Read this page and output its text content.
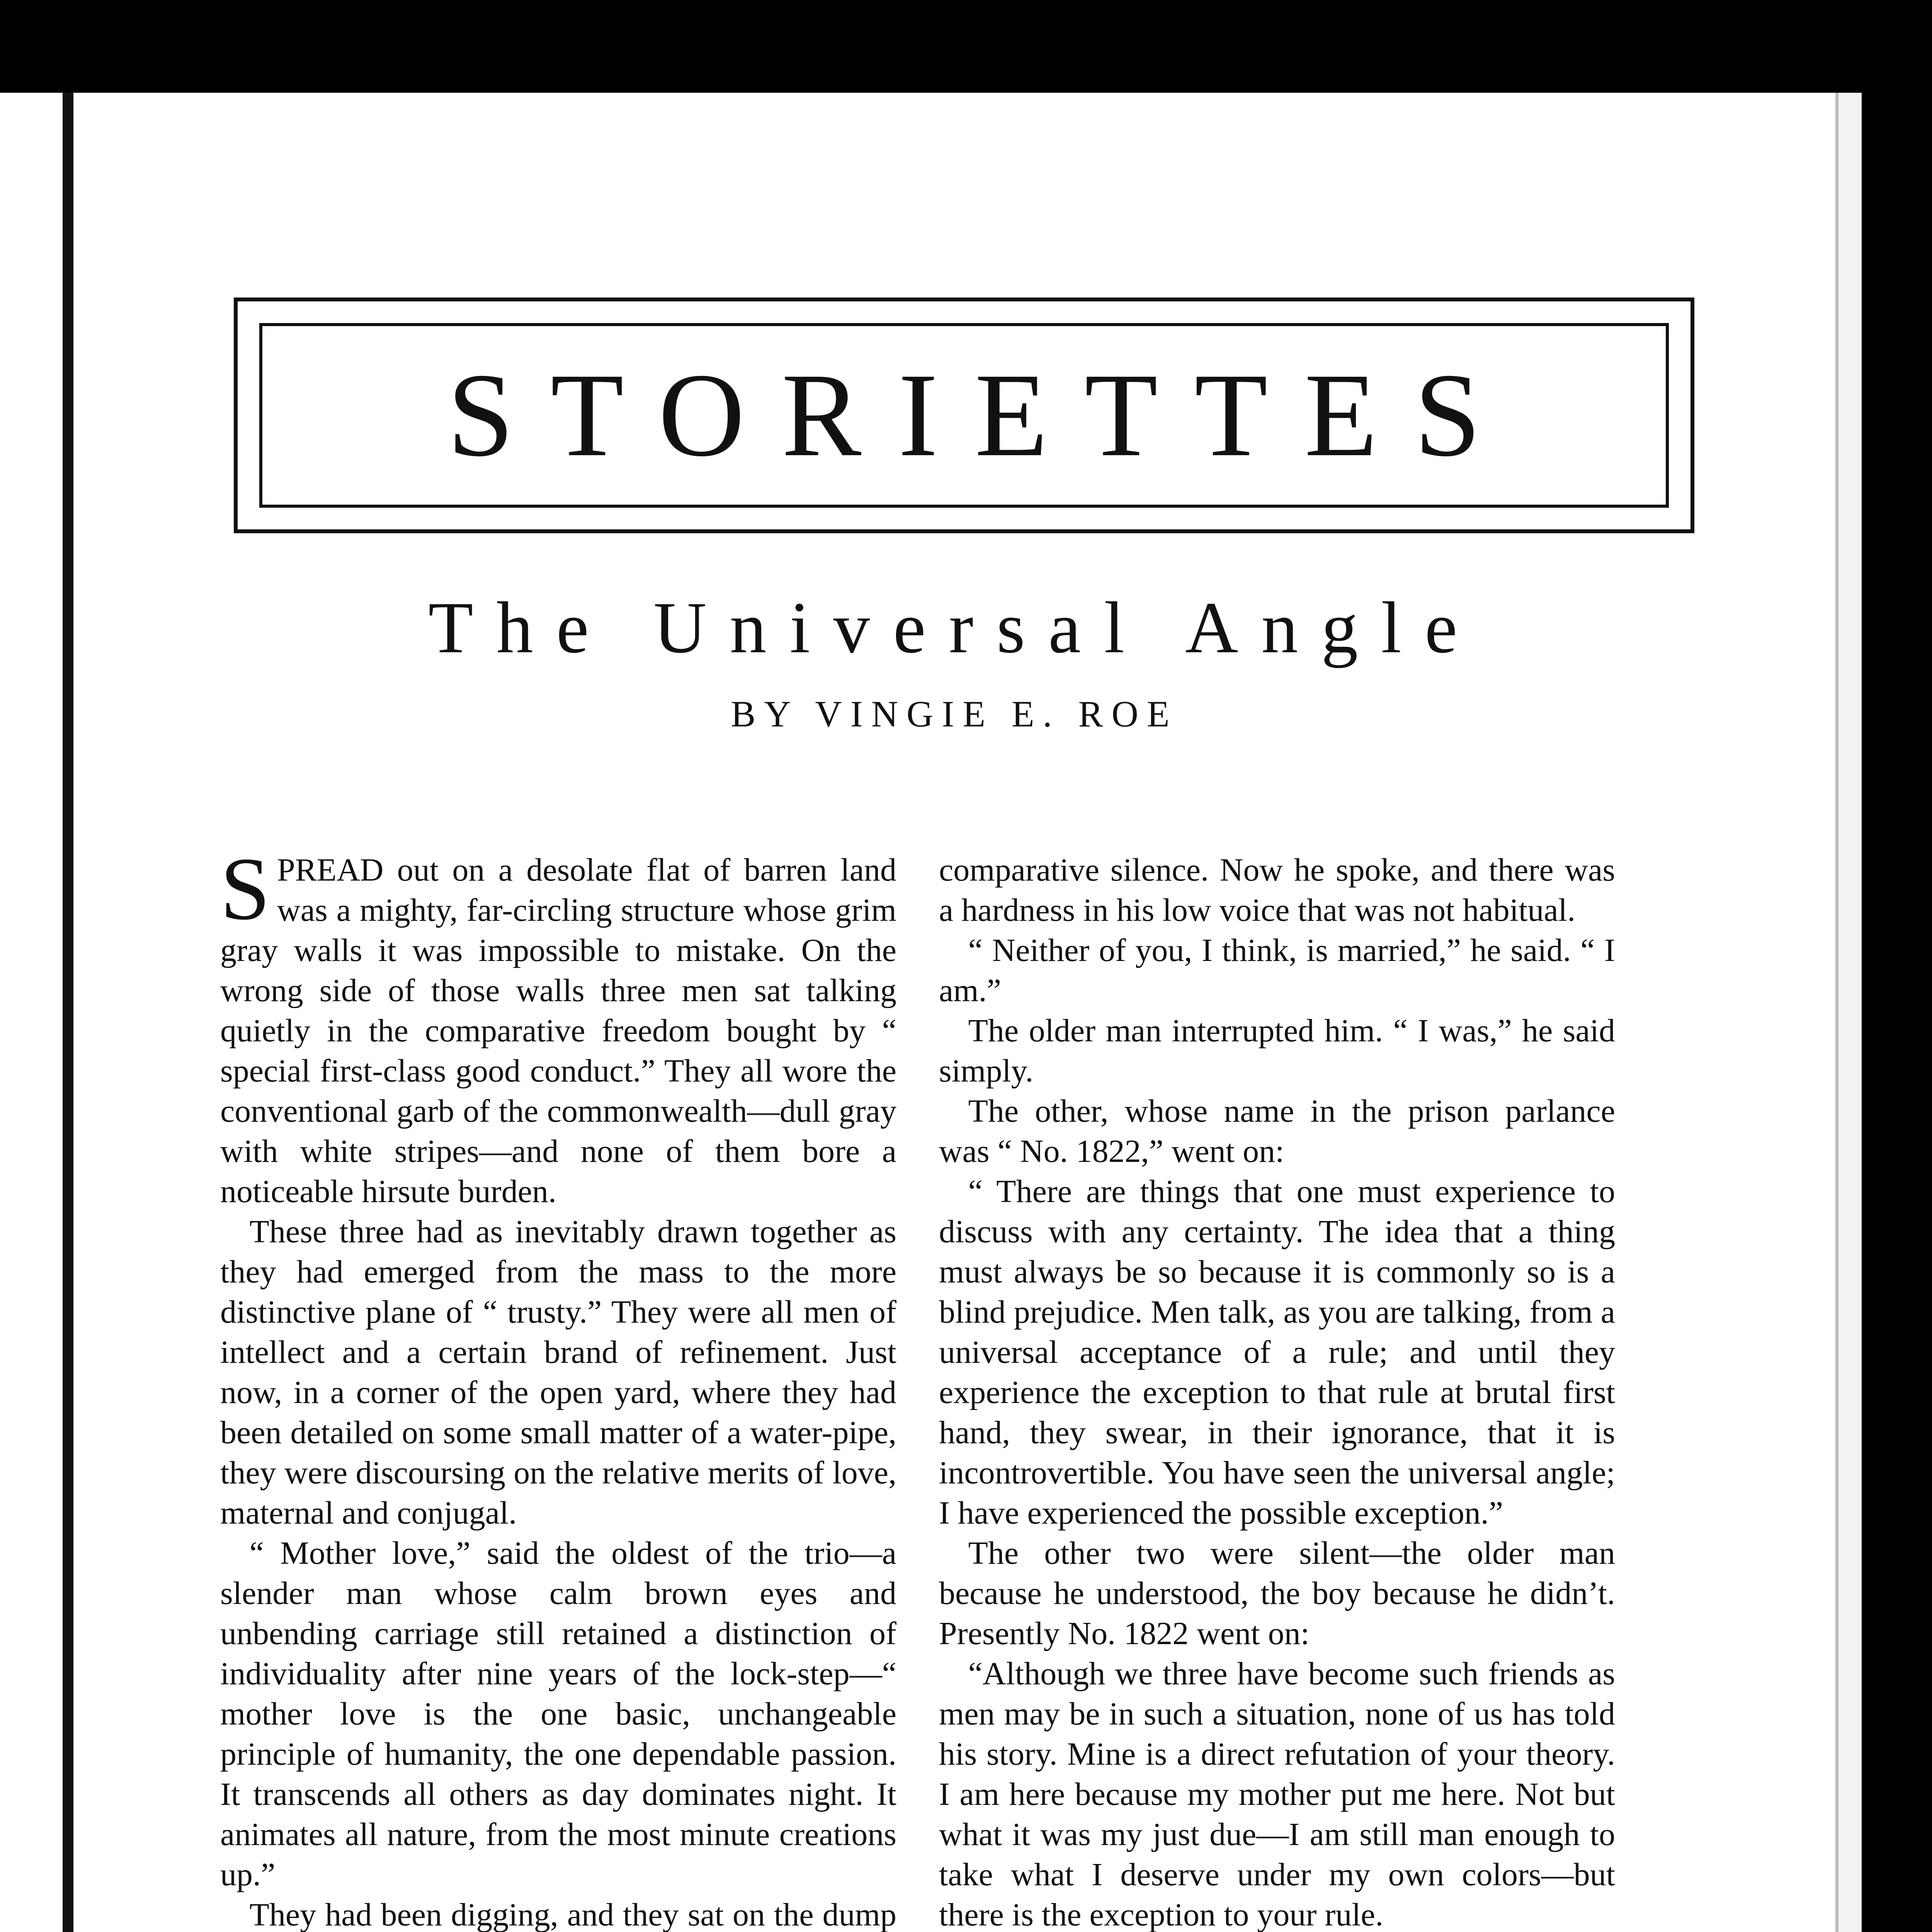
STORIETTES
The Universal Angle
BY VINGIE E. ROE

SPREAD out on a desolate flat of barren land was a mighty, far-circling structure whose grim gray walls it was impossible to mistake. On the wrong side of those walls three men sat talking quietly in the comparative freedom bought by “ special first-class good conduct.” They all wore the conventional garb of the commonwealth—dull gray with white stripes—and none of them bore a noticeable hirsute burden.

These three had as inevitably drawn together as they had emerged from the mass to the more distinctive plane of “ trusty.” They were all men of intellect and a certain brand of refinement. Just now, in a corner of the open yard, where they had been detailed on some small matter of a water-pipe, they were discoursing on the relative merits of love, maternal and conjugal.

“ Mother love,” said the oldest of the trio—a slender man whose calm brown eyes and unbending carriage still retained a distinction of individuality after nine years of the lock-step—“ mother love is the one basic, unchangeable principle of humanity, the one dependable passion. It transcends all others as day dominates night. It animates all nature, from the most minute creations up.”

They had been digging, and they sat on the dump

comparative silence. Now he spoke, and there was a hardness in his low voice that was not habitual.

“ Neither of you, I think, is married,” he said. “ I am.”

The older man interrupted him. “ I was,” he said simply.

The other, whose name in the prison parlance was “ No. 1822,” went on:

“ There are things that one must experience to discuss with any certainty. The idea that a thing must always be so because it is commonly so is a blind prejudice. Men talk, as you are talking, from a universal acceptance of a rule; and until they experience the exception to that rule at brutal first hand, they swear, in their ignorance, that it is incontrovertible. You have seen the universal angle; I have experienced the possible exception.”

The other two were silent—the older man because he understood, the boy because he didn’t. Presently No. 1822 went on:

“Although we three have become such friends as men may be in such a situation, none of us has told his story. Mine is a direct refutation of your theory. I am here because my mother put me here. Not but what it was my just due—I am still man enough to take what I deserve under my own colors—but there is the exception to your rule.
